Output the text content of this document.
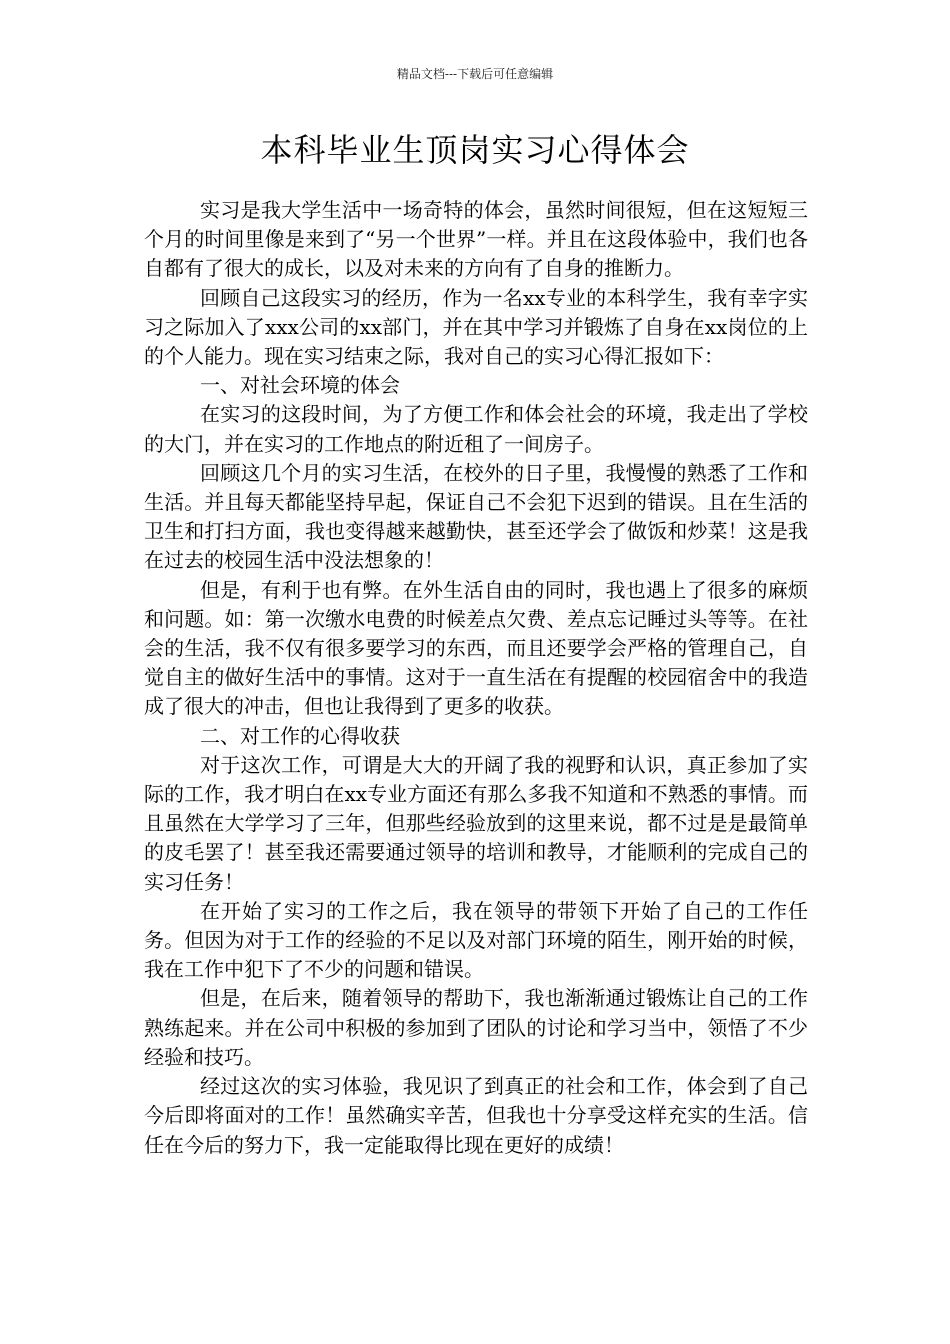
精品文档---下载后可任意编辑
本科毕业生顶岗实习心得体会

实习是我大学生活中一场奇特的体会，虽然时间很短，但在这短短三个月的时间里像是来到了“另一个世界”一样。并且在这段体验中，我们也各自都有了很大的成长，以及对未来的方向有了自身的推断力。

回顾自己这段实习的经历，作为一名xx专业的本科学生，我有幸字实习之际加入了xxx公司的xx部门，并在其中学习并锻炼了自身在xx岗位的上的个人能力。现在实习结束之际，我对自己的实习心得汇报如下：

一、对社会环境的体会

在实习的这段时间，为了方便工作和体会社会的环境，我走出了学校的大门，并在实习的工作地点的附近租了一间房子。

回顾这几个月的实习生活，在校外的日子里，我慢慢的熟悉了工作和生活。并且每天都能坚持早起，保证自己不会犯下迟到的错误。且在生活的卫生和打扫方面，我也变得越来越勤快，甚至还学会了做饭和炒菜！这是我在过去的校园生活中没法想象的！

但是，有利于也有弊。在外生活自由的同时，我也遇上了很多的麻烦和问题。如：第一次缴水电费的时候差点欠费、差点忘记睡过头等等。在社会的生活，我不仅有很多要学习的东西，而且还要学会严格的管理自己，自觉自主的做好生活中的事情。这对于一直生活在有提醒的校园宿舍中的我造成了很大的冲击，但也让我得到了更多的收获。

二、对工作的心得收获

对于这次工作，可谓是大大的开阔了我的视野和认识，真正参加了实际的工作，我才明白在xx专业方面还有那么多我不知道和不熟悉的事情。而且虽然在大学学习了三年，但那些经验放到的这里来说，都不过是是最简单的皮毛罢了！甚至我还需要通过领导的培训和教导，才能顺利的完成自己的实习任务！

在开始了实习的工作之后，我在领导的带领下开始了自己的工作任务。但因为对于工作的经验的不足以及对部门环境的陌生，刚开始的时候，我在工作中犯下了不少的问题和错误。

但是，在后来，随着领导的帮助下，我也渐渐通过锻炼让自己的工作熟练起来。并在公司中积极的参加到了团队的讨论和学习当中，领悟了不少经验和技巧。

经过这次的实习体验，我见识了到真正的社会和工作，体会到了自己今后即将面对的工作！虽然确实辛苦，但我也十分享受这样充实的生活。信任在今后的努力下，我一定能取得比现在更好的成绩！
